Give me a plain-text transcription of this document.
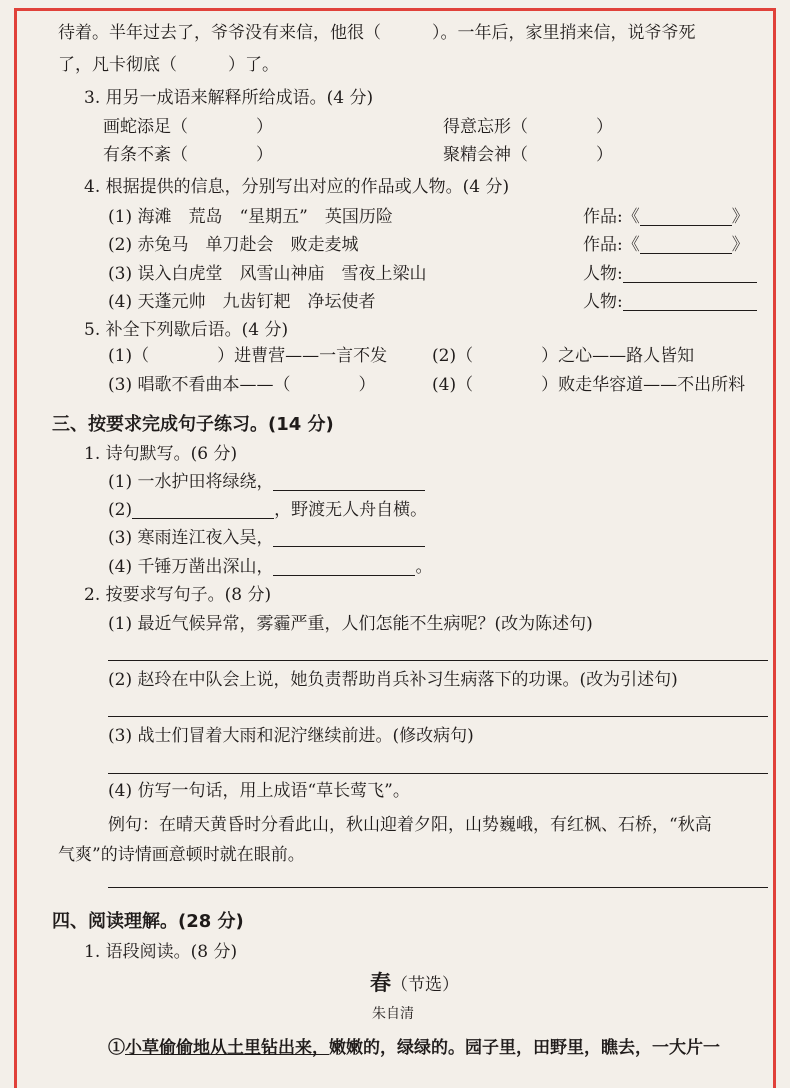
待着。半年过去了，爷爷没有来信，他很（　　　）。一年后，家里捎来信，说爷爷死
了，凡卡彻底（　　　）了。
3. 用另一成语来解释所给成语。(4 分)
画蛇添足（　　　　）	得意忘形（　　　　）
有条不紊（　　　　）	聚精会神（　　　　）
4. 根据提供的信息，分别写出对应的作品或人物。(4 分)
(1) 海滩　荒岛　“星期五”　英国历险	作品:《	》
(2) 赤兔马　单刀赴会　败走麦城	作品:《	》
(3) 误入白虎堂　风雪山神庙　雪夜上梁山	人物:
(4) 天蓬元帅　九齿钉耙　净坛使者	人物:
5. 补全下列歇后语。(4 分)
(1)（　　　　）进曹营——一言不发	(2)（　　　　）之心——路人皆知
(3) 唱歌不看曲本——（　　　　）	(4)（　　　　）败走华容道——不出所料
三、按要求完成句子练习。(14 分)
1. 诗句默写。(6 分)
(1) 一水护田将绿绕，
(2)	，野渡无人舟自横。
(3) 寒雨连江夜入吴，
(4) 千锤万凿出深山，	。
2. 按要求写句子。(8 分)
(1) 最近气候异常，雾霾严重，人们怎能不生病呢？(改为陈述句)
(2) 赵玲在中队会上说，她负责帮助肖兵补习生病落下的功课。(改为引述句)
(3) 战士们冒着大雨和泥泞继续前进。(修改病句)
(4) 仿写一句话，用上成语“草长莺飞”。
例句：在晴天黄昏时分看此山，秋山迎着夕阳，山势巍峨，有红枫、石桥，“秋高
气爽”的诗情画意顿时就在眼前。
四、阅读理解。(28 分)
1. 语段阅读。(8 分)
春（节选）
朱自清
①小草偷偷地从土里钻出来，嫩嫩的，绿绿的。园子里，田野里，瞧去，一大片一
